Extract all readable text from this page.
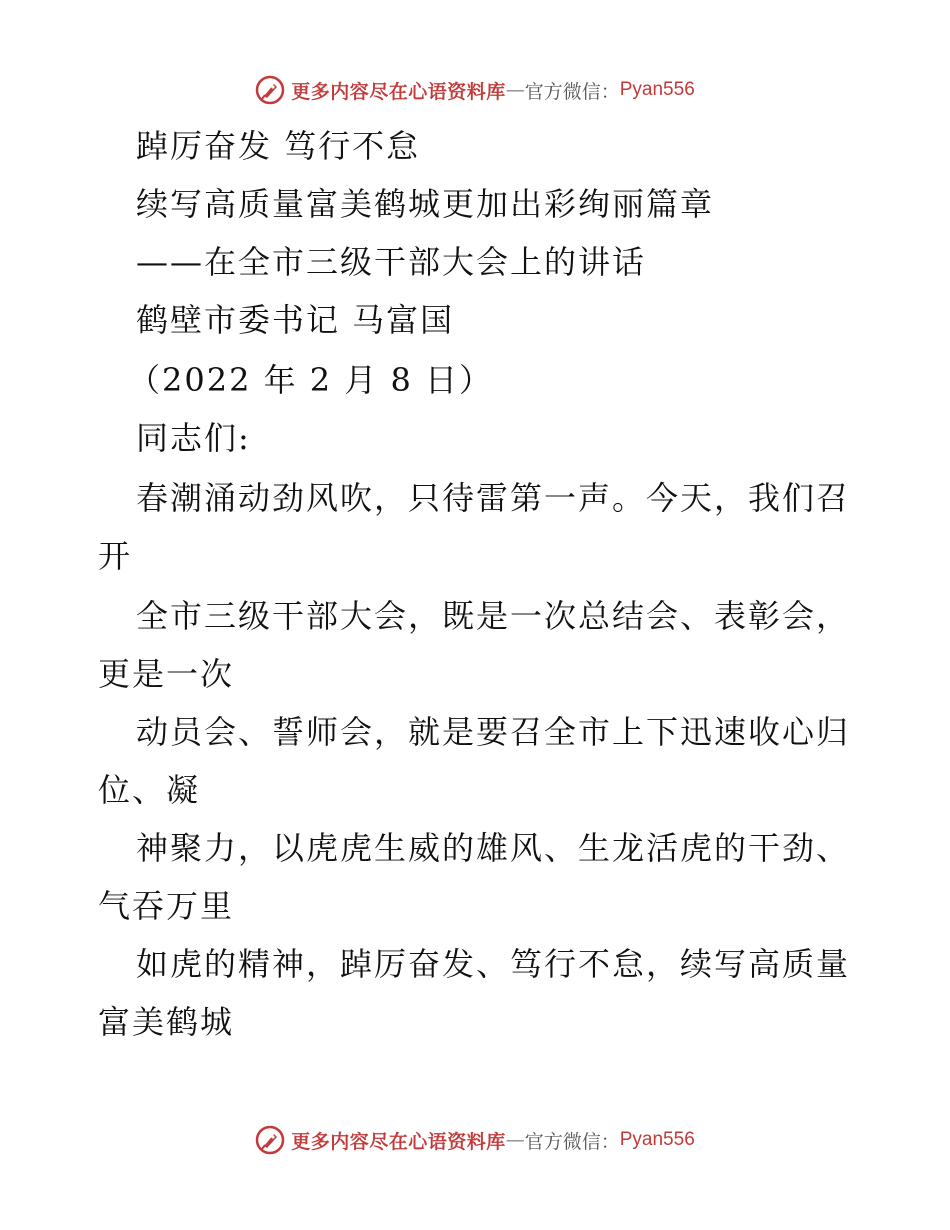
更多内容尽在心语资料库 — 官方微信： Pyan556
踔厉奋发 笃行不怠
续写高质量富美鹤城更加出彩绚丽篇章
——在全市三级干部大会上的讲话
鹤壁市委书记 马富国
（2022 年 2 月 8 日）
同志们:
春潮涌动劲风吹，只待雷第一声。今天，我们召
开
全市三级干部大会，既是一次总结会、表彰会，
更是一次
动员会、誓师会，就是要召全市上下迅速收心归
位、凝
神聚力，以虎虎生威的雄风、生龙活虎的干劲、
气吞万里
如虎的精神，踔厉奋发、笃行不怠，续写高质量
富美鹤城
更多内容尽在心语资料库 — 官方微信： Pyan556
